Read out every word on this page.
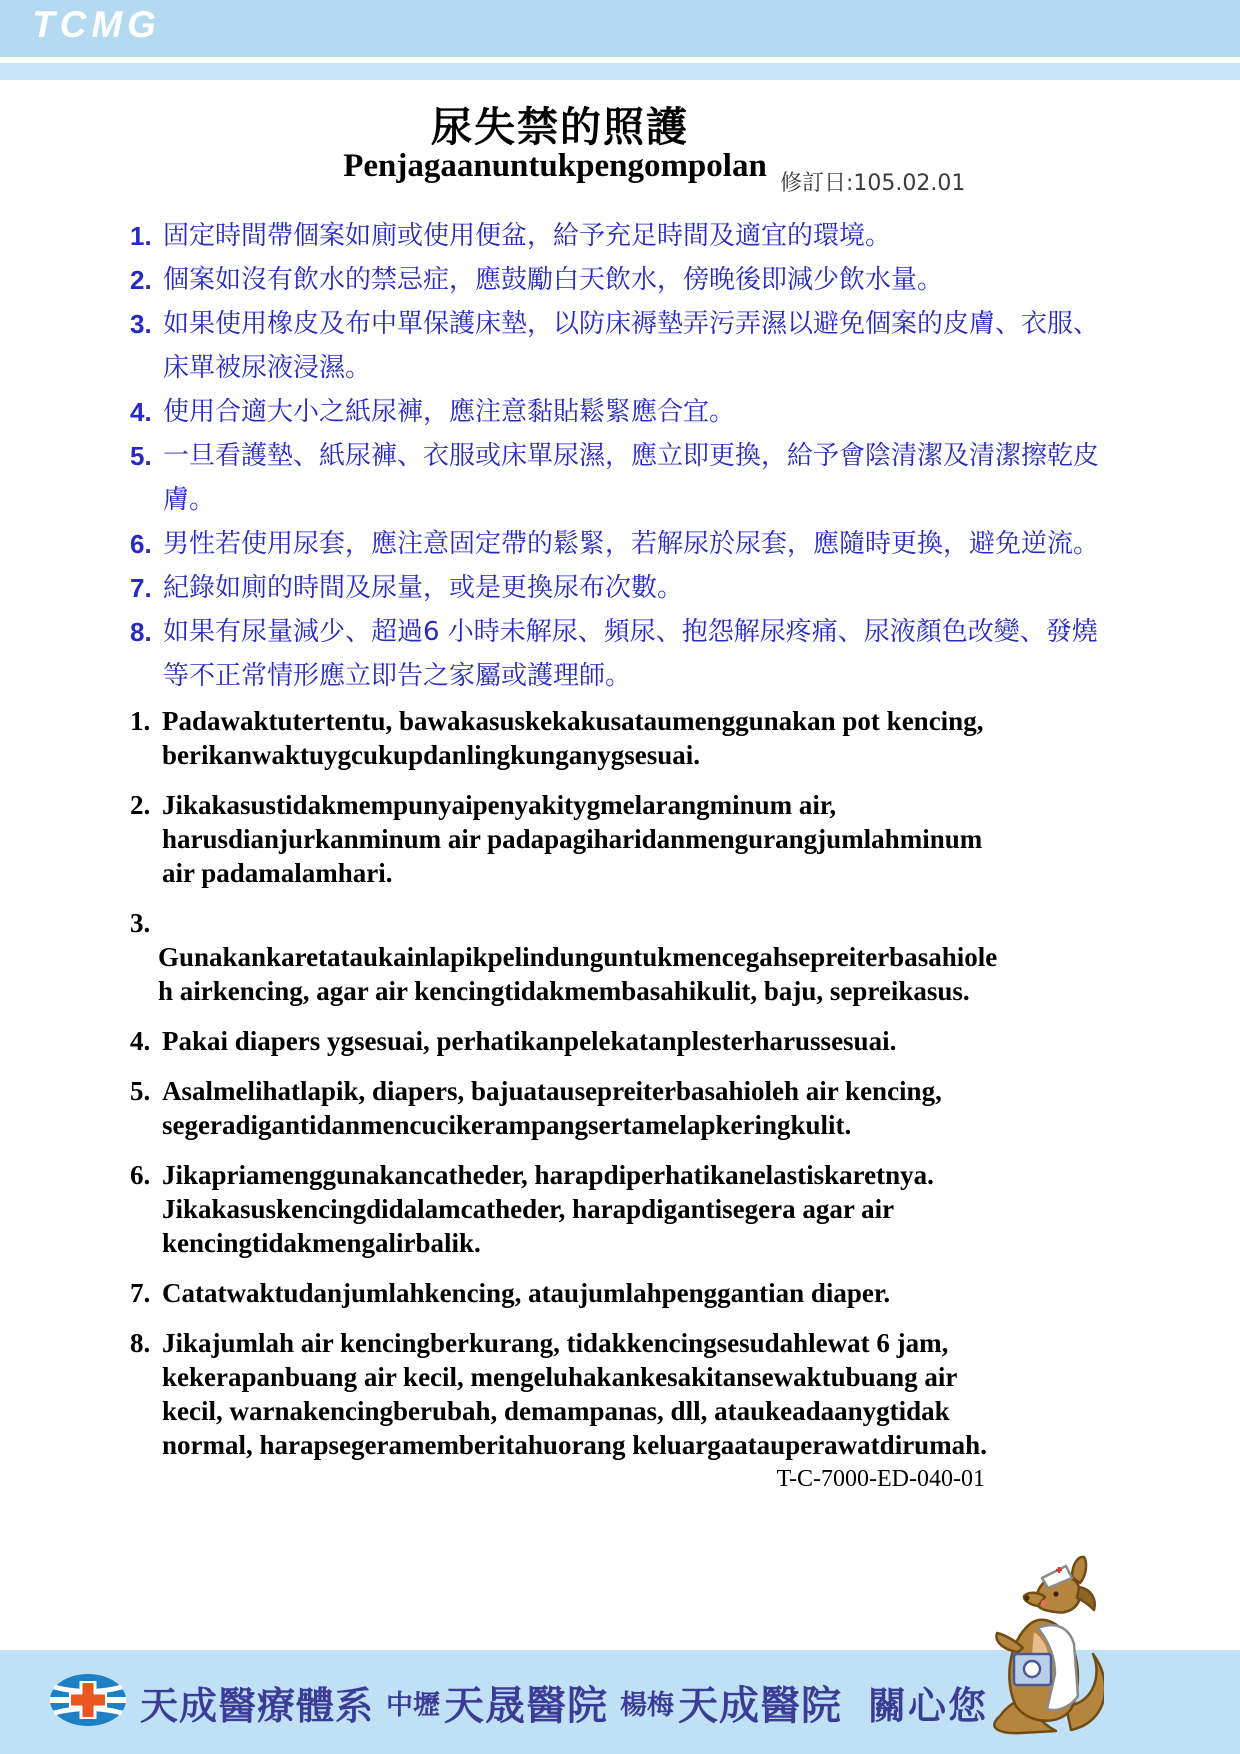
TCMG
尿失禁的照護
Penjagaanuntukpengompolan 修訂日:105.02.01
1. 固定時間帶個案如廁或使用便盆，給予充足時間及適宜的環境。
2. 個案如沒有飲水的禁忌症，應鼓勵白天飲水，傍晚後即減少飲水量。
3. 如果使用橡皮及布中單保護床墊，以防床褥墊弄污弄濕以避免個案的皮膚、衣服、床單被尿液浸濕。
4. 使用合適大小之紙尿褲，應注意黏貼鬆緊應合宜。
5. 一旦看護墊、紙尿褲、衣服或床單尿濕，應立即更換，給予會陰清潔及清潔擦乾皮膚。
6. 男性若使用尿套，應注意固定帶的鬆緊，若解尿於尿套，應隨時更換，避免逆流。
7. 紀錄如廁的時間及尿量，或是更換尿布次數。
8. 如果有尿量減少、超過6 小時未解尿、頻尿、抱怨解尿疼痛、尿液顏色改變、發燒等不正常情形應立即告之家屬或護理師。
1. Padawaktutertentu, bawakasuskekakusataumenggunakan pot kencing, berikanwaktuygcukupdanlingkunganygsesuai.
2. Jikakasustidakmempunyaipenyakitygmelarangminum air, harusdianjurkanminum air padapagiharidanmengurangjumlahminum air padamalamhari.
3.
Gunakankaretataukainlapikpelindunguntukmencegahsepreiterbasahioleh airkencing, agar air kencingtidakmembasahikulit, baju, sepreikasus.
4. Pakai diapers ygsesuai, perhatikanpelekatanplesterharussesuai.
5. Asalmelihatlapik, diapers, bajuatausepreiterbasahioleh air kencing, segeradigantidanmencucikerampangsertamelapkeringkulit.
6. Jikapriamenggunakancatheder, harapdiperhatikanelastiskaretnya. Jikakasuskencingdidalamcatheder, harapdigantisegera agar air kencingtidakmengalirbalik.
7. Catatwaktudanjumlahkencing, ataujumlahpenggantian diaper.
8. Jikajumlah air kencingberkurang, tidakkencingsesudahlewat 6 jam, kekerapanbuang air kecil, mengeluhakankesakitansewaktubuang air kecil, warnakencingberubah, demampanas, dll, ataukeadaanygtidak normal, harapsegeramemberitahuorang keluargaatauperawatdirumah.
T-C-7000-ED-040-01
天成醫療體系 中壢 天晟醫院 楊梅 天成醫院 關心您
